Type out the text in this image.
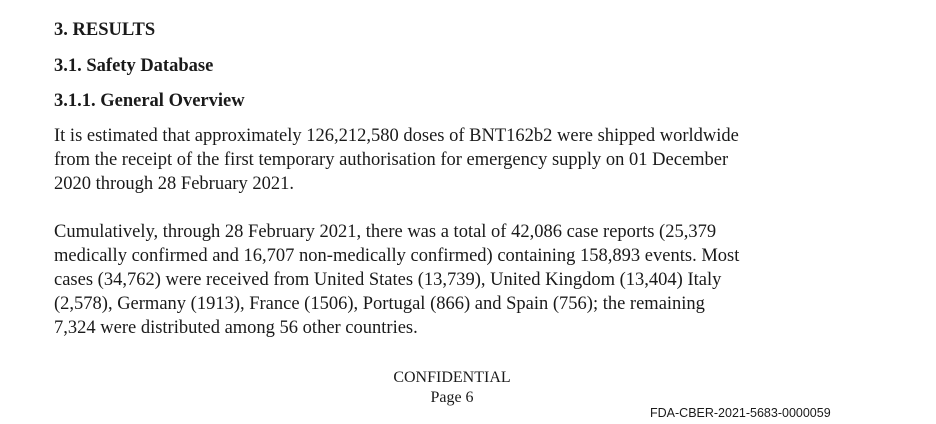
3. RESULTS
3.1. Safety Database
3.1.1. General Overview
It is estimated that approximately 126,212,580 doses of BNT162b2 were shipped worldwide
from the receipt of the first temporary authorisation for emergency supply on 01 December
2020 through 28 February 2021.
Cumulatively, through 28 February 2021, there was a total of 42,086 case reports (25,379
medically confirmed and 16,707 non-medically confirmed) containing 158,893 events. Most
cases (34,762) were received from United States (13,739), United Kingdom (13,404) Italy
(2,578), Germany (1913), France (1506), Portugal (866) and Spain (756); the remaining
7,324 were distributed among 56 other countries.
CONFIDENTIAL
Page 6
FDA-CBER-2021-5683-0000059
